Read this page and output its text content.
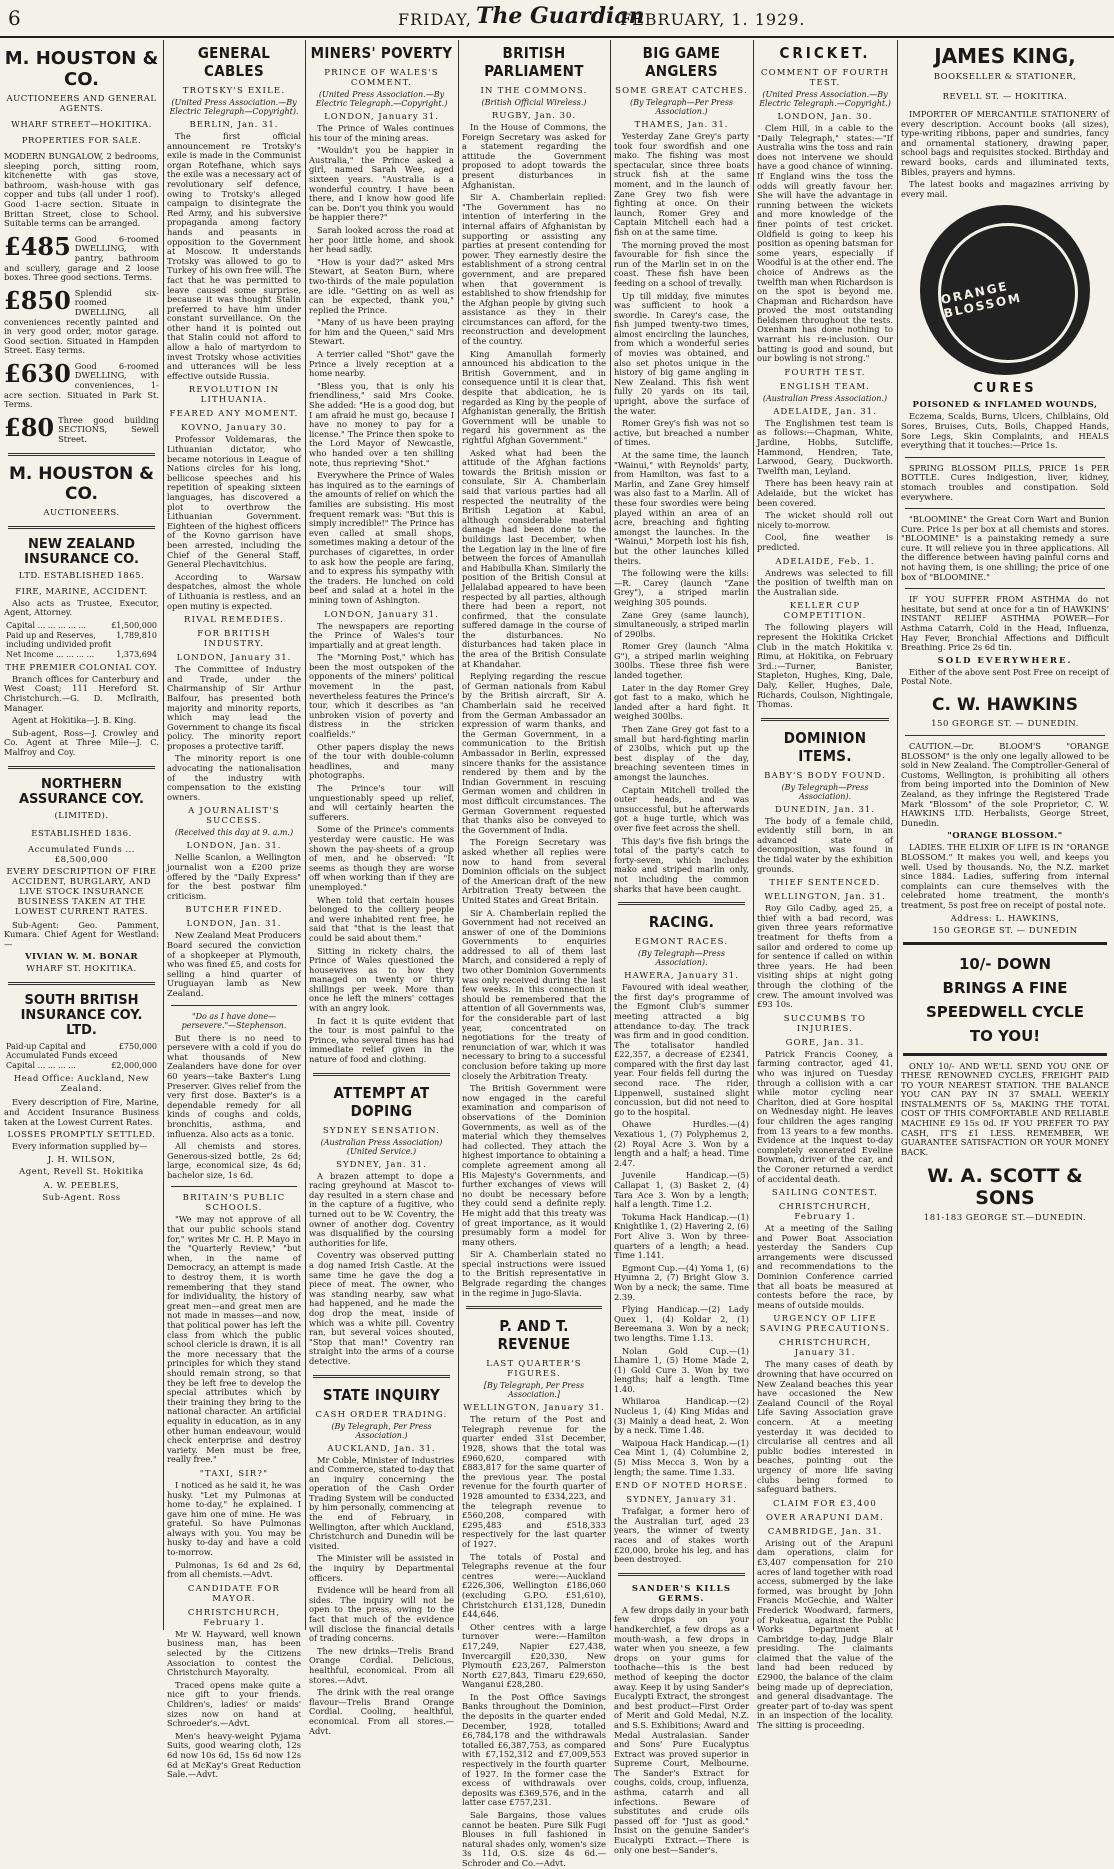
6	FRIDAY, The Guardian
FEBRUARY, 1. 1929.
M. HOUSTON & CO.
AUCTIONEERS AND GENERAL AGENTS.
WHARF STREET—HOKITIKA.
PROPERTIES FOR SALE.
MODERN BUNGALOW, 2 bedrooms, sleeping porch, sitting room, kitchenette with gas stove, bathroom, wash-house with gas copper and tubs (all under 1 roof). Good 1-acre section. Situate in Brittan Street, close to School. Suitable terms can be arranged.
£485 Good 6-roomed DWELLING, with pantry, bathroom and scullery, garage and 2 loose boxes. Three good sections. Terms.
£850 Splendid six-roomed DWELLING, all conveniences recently painted and in very good order, motor garage. Good section. Situated in Hampden Street. Easy terms.
£630 Good 6-roomed DWELLING, with conveniences, 1-acre section. Situated in Park St. Terms.
£80 Three good building SECTIONS, Sewell Street.
M. HOUSTON & CO.
AUCTIONEERS.
NEW ZEALAND INSURANCE CO.
LTD. ESTABLISHED 1865.
FIRE, MARINE, ACCIDENT.

Also acts as Trustee, Executor, Agent, Attorney.

Capital ... ... ... ... ...	£1,500,000
Paid up and Reserves, including undivided profit
1,789,810
Net Income ... ... ... ...	1,373,694
THE PREMIER COLONIAL COY.

Branch offices for Canterbury and West Coast; 111 Hereford St. Christchurch.—G. D. McIlraith, Manager.

Agent at Hokitika—J. B. King.

Sub-agent, Ross—J. Crowley and Co. Agent at Three Mile—J. C. Malfroy and Coy.

NORTHERN ASSURANCE COY.
(LIMITED).
ESTABLISHED 1836.
Accumulated Funds ... £8,500,000
EVERY DESCRIPTION OF FIRE ACCIDENT, BURGLARY, AND LIVE STOCK INSURANCE BUSINESS TAKEN AT THE LOWEST CURRENT RATES.

Sub-Agent: Geo. Pamment, Kumara. Chief Agent for Westland:—

VIVIAN W. M. BONAR
WHARF ST. HOKITIKA.
SOUTH BRITISH INSURANCE COY. LTD.
Paid-up Capital and Accumulated Funds exceed
£750,000
Capital ... ... ... ...	£2,000,000
Head Office: Auckland, New Zealand.

Every description of Fire, Marine, and Accident Insurance Business taken at the Lowest Current Rates.

LOSSES PROMPTLY SETTLED.

Every information supplied by—

J. H. WILSON,
Agent, Revell St. Hokitika
A. W. PEEBLES,
Sub-Agent. Ross
GENERAL CABLES
TROTSKY'S EXILE.
(United Press Association.—By Electric Telegraph—Copyright).
BERLIN, Jan. 31.

The first official announcement re Trotsky's exile is made in the Communist organ Rotefhane, which says the exile was a necessary act of revolutionary self defence, owing to Trotsky's alleged campaign to disintegrate the Red Army, and his subversive propaganda among factory hands and peasants in opposition to the Government at Moscow. It understands Trotsky was allowed to go to Turkey of his own free will. The fact that he was permitted to leave caused some surprise, because it was thought Stalin preferred to have him under constant surveillance. On the other hand it is pointed out that Stalin could not afford to allow a halo of martyrdom to invest Trotsky whose activities and utterances will be less effective outside Russia.

REVOLUTION IN LITHUANIA.
FEARED ANY MOMENT.
KOVNO, January 30.

Professor Voldemaras, the Lithuanian dictator, who became notorious in League of Nations circles for his long, bellicose speeches and his repetition of speaking sixteen languages, has discovered a plot to overthrow the Lithuanian Government. Eighteen of the highest officers of the Kovno garrison have been arrested, including the Chief of the General Staff, General Plechavitchius.

According to Warsaw despatches, almost the whole of Lithuania is restless, and an open mutiny is expected.

RIVAL REMEDIES.
FOR BRITISH INDUSTRY.
LONDON, January 31.

The Committee of Industry and Trade, under the Chairmanship of Sir Arthur Balfour, has presented both majority and minority reports, which may lead the Government to change its fiscal policy. The minority report proposes a protective tariff.

The minority report is one advocating the nationalisation of the industry with compensation to the existing owners.

A JOURNALIST'S SUCCESS.
(Received this day at 9. a.m.)
LONDON, Jan. 31.

Nellie Scanlon, a Wellington journalist won a £200 prize offered by the "Daily Express" for the best postwar film criticism.

BUTCHER FINED.
LONDON, Jan. 31.

New Zealand Meat Producers Board secured the conviction of a shopkeeper at Plymouth, who was fined £5, and costs for selling a hind quarter of Uruguayan lamb as New Zealand.

"Do as I have done—persevere."—Stephenson.

But there is no need to persevere with a cold if you do what thousands of New Zealanders have done for over 60 years—take Baxter's Lung Preserver. Gives relief from the very first dose. Baxter's is a dependable remedy for all kinds of coughs and colds, bronchitis, asthma, and influenza. Also acts as a tonic.

All chemists and stores. Generous-sized bottle, 2s 6d; large, economical size, 4s 6d; bachelor size, 1s 6d.

BRITAIN'S PUBLIC SCHOOLS.

"We may not approve of all that our public schools stand for," writes Mr C. H. P. Mayo in the "Quarterly Review," "but when, in the name of Democracy, an attempt is made to destroy them, it is worth remembering that they stand for individuality, the history of great men—and great men are not made in masses—and now, that political power has left the class from which the public school clericle is drawn, it is all the more necessary that the principles for which they stand should remain strong, so that they be left free to develop the special attributes which by their training they bring to the national character. An artificial equality in education, as in any other human endeavour, would check enterprise and destroy variety. Men must be free, really free."

"TAXI, SIR?"

I noticed as he said it, he was husky. "Let my Pulmonas at home to-day," he explained. I gave him one of mine. He was grateful. So have Pulmonas always with you. You may be husky to-day and have a cold to-morrow.

Pulmonas, 1s 6d and 2s 6d, from all chemists.—Advt.

CANDIDATE FOR MAYOR.
CHRISTCHURCH, February 1.

Mr W. Hayward, well known business man, has been selected by the Citizens Association to contest the Christchurch Mayoralty.

Traced opens make quite a nice gift to your friends. Children's, ladies' or maids' sizes now on hand at Schroeder's.—Advt.

Men's heavy-weight Pyjama Suits, good wearing cloth, 12s 6d now 10s 6d, 15s 6d now 12s 6d at McKay's Great Reduction Sale.—Advt.

MINERS' POVERTY
PRINCE OF WALES'S COMMENT.
(United Press Association.—By Electric Telegraph.—Copyright.)
LONDON, January 31.

The Prince of Wales continues his tour of the mining areas.

"Wouldn't you be happier in Australia," the Prince asked a girl, named Sarah Wee, aged sixteen years. "Australia is a wonderful country. I have been there, and I know how good life can be. Don't you think you would be happier there?"

Sarah looked across the road at her poor little home, and shook her head sadly.

"How is your dad?" asked Mrs Stewart, at Seaton Burn, where two-thirds of the male population are idle. "Getting on as well as can be expected, thank you," replied the Prince.

"Many of us have been praying for him and the Queen," said Mrs Stewart.

A terrier called "Shot" gave the Prince a lively reception at a home nearby.

"Bless you, that is only his friendliness," said Mrs Cooke. She added: "He is a good dog, but I am afraid he must go, because I have no money to pay for a license." The Prince then spoke to the Lord Mayor of Newcastle, who handed over a ten shilling note, thus reprieving "Shot."

Everywhere the Prince of Wales has inquired as to the earnings of the amounts of relief on which the families are subsisting. His most frequent remark was: "But this is simply incredible!" The Prince has even called at small shops, sometimes making a detour of the purchases of cigarettes, in order to ask how the people are faring, and to express his sympathy with the traders. He lunched on cold beef and salad at a hotel in the mining town of Ashington.

LONDON, January 31.

The newspapers are reporting the Prince of Wales's tour impartially and at great length.

The "Morning Post," which has been the most outspoken of the opponents of the miners' political movement in the past, nevertheless features the Prince's tour, which it describes as "an unbroken vision of poverty and distress in the stricken coalfields."

Other papers display the news of the tour with double-column headlines, and many photographs.

The Prince's tour will unquestionably speed up relief, and will certainly hearten the sufferers.

Some of the Prince's comments yesterday were caustic. He was shown the pay-sheets of a group of men, and he observed: "It seems as though they are worse off when working than if they are unemployed."

When told that certain houses belonged to the colliery people and were inhabited rent free, he said that "that is the least that could be said about them."

Sitting in rickety chairs, the Prince of Wales questioned the housewives as to how they managed on twenty or thirty shillings per week. More than once he left the miners' cottages with an angry look.

In fact it is quite evident that the tour is most painful to the Prince, who several times has had immediate relief given in the nature of food and clothing.

ATTEMPT AT DOPING
SYDNEY SENSATION.
(Australian Press Association) (United Service.)
SYDNEY, Jan. 31.

A brazen attempt to dope a racing greyhound at Mascot to-day resulted in a stern chase and in the capture of a fugitive, who turned out to be W. Coventry, the owner of another dog. Coventry was disqualified by the coursing authorities for life.

Coventry was observed putting a dog named Irish Castle. At the same time he gave the dog a piece of meat. The owner, who was standing nearby, saw what had happened, and he made the dog drop the meat, inside of which was a white pill. Coventry ran, but several voices shouted, "Stop that man!" Coventry ran straight into the arms of a course detective.

STATE INQUIRY
CASH ORDER TRADING.
(By Telegraph, Per Press Association.)
AUCKLAND, Jan. 31.

Mr Coble, Minister of Industries and Commerce, stated to-day that an inquiry concerning the operation of the Cash Order Trading System will be conducted by him personally, commencing at the end of February, in Wellington, after which Auckland, Christchurch and Dunedin will be visited.

The Minister will be assisted in the inquiry by Departmental officers.

Evidence will be heard from all sides. The inquiry will not be open to the press, owing to the fact that much of the evidence will disclose the financial details of trading concerns.

The new drinks—Trelis Brand Orange Cordial. Delicious, healthful, economical. From all stores.—Advt.

The drink with the real orange flavour—Trelis Brand Orange Cordial. Cooling, healthful, economical. From all stores.—Advt.

BRITISH PARLIAMENT
IN THE COMMONS.
(British Official Wireless.)
RUGBY, Jan. 30.

In the House of Commons, the Foreign Secretary was asked for a statement regarding the attitude the Government proposed to adopt towards the present disturbances in Afghanistan.

Sir A. Chamberlain replied: "The Government has no intention of interfering in the internal affairs of Afghanistan by supporting or assisting any parties at present contending for power. They earnestly desire the establishment of a strong central government, and are prepared when that government is established to show friendship for the Afghan people by giving such assistance as they in their circumstances can afford, for the reconstruction and development of the country.

King Amanullah formerly announced his abdication to the British Government, and in consequence until it is clear that, despite that abdication, he is regarded as King by the people of Afghanistan generally, the British Government will be unable to regard his government as the rightful Afghan Government."

Asked what had been the attitude of the Afghan factions towards the British mission or consulate, Sir A. Chamberlain said that various parties had all respected the neutrality of the British Legation at Kabul, although considerable material damage had been done to the buildings last December, when the Legation lay in the line of fire between the forces of Amanullah and Habibulla Khan. Similarly the position of the British Consul at Jellalabad appeared to have been respected by all parties, although there had been a report, not confirmed, that the consulate suffered damage in the course of the disturbances. No disturbances had taken place in the area of the British Consulate at Khandahar.

Replying regarding the rescue of German nationals from Kabul by the British aircraft, Sir A. Chamberlain said he received from the German Ambassador an expression of warm thanks, and the German Government, in a communication to the British Ambassador in Berlin, expressed sincere thanks for the assistance rendered by them and by the Indian Government in rescuing German women and children in most difficult circumstances. The German Government requested that thanks also be conveyed to the Government of India.

The Foreign Secretary was asked whether all replies were now to hand from several Dominion officials on the subject of the American draft of the new Arbitration Treaty between the United States and Great Britain.

Sir A. Chamberlain replied the Government had not received an answer of one of the Dominions Governments to enquiries addressed to all of them last March, and considered a reply of two other Dominion Governments was only received during the last few weeks. In this connection it should be remembered that the attention of all Governments was, for the considerable part of last year, concentrated on negotiations for the treaty of renunciation of war, which it was necessary to bring to a successful conclusion before taking up more closely the Arbitration Treaty.

The British Government were now engaged in the careful examination and comparison of observations of the Dominion Governments, as well as of the material which they themselves had collected. They attach the highest importance to obtaining a complete agreement among all His Majesty's Governments, and further exchanges of views will no doubt be necessary before they could send a definite reply. He might add that this treaty was of great importance, as it would presumably form a model for many others.

Sir A. Chamberlain stated no special instructions were issued to the British representative in Belgrade regarding the changes in the regime in Jugo-Slavia.

P. AND T. REVENUE
LAST QUARTER'S FIGURES.
[By Telegraph, Per Press Association.]
WELLINGTON, January 31.

The return of the Post and Telegraph revenue for the quarter ended 31st December, 1928, shows that the total was £960,620, compared with £883,817 for the same quarter of the previous year. The postal revenue for the fourth quarter of 1928 amounted to £334,223, and the telegraph revenue to £560,208, compared with £295,483 and £518,333 respectively for the last quarter of 1927.

The totals of Postal and Telegraphs revenue at the four centres were:—Auckland £226,306, Wellington £186,060 (excluding G.P.O. £51,610), Christchurch £131,128, Dunedin £44,646.

Other centres with a large turnover were:—Hamilton £17,249, Napier £27,438, Invercargill £20,330, New Plymouth £23,267, Palmerston North £27,843, Timaru £29,650, Wanganui £28,280.

In the Post Office Savings Banks throughout the Dominion, the deposits in the quarter ended December, 1928, totalled £6,784,178 and the withdrawals totalled £6,387,753, as compared with £7,152,312 and £7,009,553 respectively in the fourth quarter of 1927. In the former case the excess of withdrawals over deposits was £369,576, and in the latter case £757,231.

Sale Bargains, those values cannot be beaten. Pure Silk Fugi Blouses in full fashioned in natural shades only, women's size 3s 11d, O.S. size 4s 6d.—Schroder and Co.—Advt.

BIG GAME ANGLERS
SOME GREAT CATCHES.
(By Telegraph—Per Press Association.)
THAMES, Jan. 31.

Yesterday Zane Grey's party took four swordfish and one mako. The fishing was most spectacular, since three boats struck fish at the same moment, and in the launch of Zane Grey two fish were fighting at once. On their launch, Romer Grey and Captain Mitchell each had a fish on at the same time.

The morning proved the most favourable for fish since the run of the Marlin set in on the coast. These fish have been feeding on a school of trevally.

Up till midday, five minutes was sufficient to hook a swordie. In Carey's case, the fish jumped twenty-two times, almost encircling the launches, from which a wonderful series of movies was obtained, and also set photos unique in the history of big game angling in New Zealand. This fish went fully 20 yards on its tail, upright, above the surface of the water.

Romer Grey's fish was not so active, but breached a number of times.

At the same time, the launch "Wainui," with Reynolds' party, from Hamilton, was fast to a Marlin, and Zane Grey himself was also fast to a Marlin. All of these four swordies were being played within an area of an acre, breaching and fighting amongst the launches. In the "Wainui," Morpeth lost his fish, but the other launches killed theirs.

The following were the kills:—R. Carey (launch "Zane Grey"), a striped marlin weighing 305 pounds.

Zane Grey (same launch), simultaneously, a striped marlin of 290lbs.

Romer Grey (launch "Alma G"), a striped marlin weighing 300lbs. These three fish were landed together.

Later in the day Romer Grey got fast to a mako, which he landed after a hard fight. It weighed 300lbs.

Then Zane Grey got fast to a small but hard-fighting marlin of 230lbs, which put up the best display of the day, breaching seventeen times in amongst the launches.

Captain Mitchell trolled the outer heads, and was unsuccessful, but he afterwards got a huge turtle, which was over five feet across the shell.

This day's five fish brings the total of the party's catch to forty-seven, which includes mako and striped marlin only, not including the common sharks that have been caught.

RACING.
EGMONT RACES.
(By Telegraph—Press Association).
HAWERA, January 31.

Favoured with ideal weather, the first day's programme of the Egmont Club's summer meeting attracted a big attendance to-day. The track was firm and in good condition. The totalisator handled £22,357, a decrease of £2341, compared with the first day last year. Four fields fell during the second race. The rider, Lippenwell, sustained slight concussion, but did not need to go to the hospital.

Ohawe Hurdles.—(4) Vexatious 1, (7) Polyphemus 2, (2) Royal Acre 3. Won by a length and a half; a head. Time 2.47.

Juvenile Handicap.—(5) Callapat 1, (3) Basket 2, (4) Tara Ace 3. Won by a length; half a length. Time 1.2.

Tokuma Hack Handicap.—(1) Knightlike 1, (2) Havering 2, (6) Fort Alive 3. Won by three-quarters of a length; a head. Time 1.141.

Egmont Cup.—(4) Yoma 1, (6) Hyumna 2, (7) Bright Glow 3. Won by a neck; the same. Time 2.39.

Flying Handicap.—(2) Lady Quex 1, (4) Koldar 2, (1) Bereemana 3. Won by a neck; two lengths. Time 1.13.

Nolan Gold Cup.—(1) Lhamire 1, (5) Home Made 2, (1) Gold Cure 3. Won by two lengths; half a length. Time 1.40.

Whiiaroa Handicap.—(2) Nucleus 1, (4) King Midas and (3) Mainly a dead heat, 2. Won by a neck. Time 1.48.

Waipoua Hack Handicap.—(1) Cea Mint 1, (4) Columbine 2, (5) Miss Mecca 3. Won by a length; the same. Time 1.33.

END OF NOTED HORSE.
SYDNEY, January 31.

Trafalgar, a former hero of the Australian turf, aged 23 years, the winner of twenty races and of stakes worth £20,000, broke his leg, and has been destroyed.

SANDER'S KILLS GERMS.

A few drops daily in your bath few drops on your handkerchief, a few drops as a mouth-wash, a few drops in water when you sneeze, a few drops on your gums for toothache—this is the best method of keeping the doctor away. Keep it by using Sander's Eucalypti Extract, the strongest and best product—First Order of Merit and Gold Medal, N.Z. and S.S. Exhibitions; Award and Medal Australasian. Sander and Sons' Pure Eucalyptus Extract was proved superior in Supreme Court, Melbourne. The Sander's Extract for coughs, colds, croup, influenza, asthma, catarrh and all infections. Beware of substitutes and crude oils passed off for "Just as good." Insist on the genuine Sander's Eucalypti Extract.—There is only one best—Sander's.

CRICKET.
COMMENT OF FOURTH TEST.
(United Press Association.—By Electric Telegraph.—Copyright.)
LONDON, Jan. 30.

Clem Hill, in a cable to the "Daily Telegraph," states:—"If Australia wins the toss and rain does not intervene we should have a good chance of winning. If England wins the toss the odds will greatly favour her. She will have the advantage in running between the wickets and more knowledge of the finer points of test cricket. Oldfield is going to keep his position as opening batsman for some years, especially if Woodful is at the other end. The choice of Andrews as the twelfth man when Richardson is on the spot is beyond me. Chapman and Richardson have proved the most outstanding fieldsmen throughout the tests. Oxenham has done nothing to warrant his re-inclusion. Our batting is good and sound, but our bowling is not strong."

FOURTH TEST.
ENGLISH TEAM.
(Australian Press Association.)
ADELAIDE, Jan. 31.

The Englishmen test team is as follows:—Chapman, White, Jardine, Hobbs, Sutcliffe, Hammond, Hendren, Tate, Larwood, Geary, Duckworth. Twelfth man, Leyland.

There has been heavy rain at Adelaide, but the wicket has been covered.

The wicket should roll out nicely to-morrow.

Cool, fine weather is predicted.

ADELAIDE, Feb. 1.

Andrews was selected to fill the position of twelfth man on the Australian side.

KELLER CUP COMPETITION.

The following players will represent the Hokitika Cricket Club in the match Hokitika v. Rimu, at Hokitika, on February 3rd.:—Turner, Banister, Stapleton, Hughes, King, Dale, Daly, Keller, Hughes, Dale, Richards, Coulson, Nightingale, Thomas.

DOMINION ITEMS.
BABY'S BODY FOUND.
(By Telegraph—Press Association).
DUNEDIN, Jan. 31.

The body of a female child, evidently still born, in an advanced state of decomposition, was found in the tidal water by the exhibition grounds.

THIEF SENTENCED.
WELLINGTON, Jan. 31.

Roy Gilo Cadby, aged 25, a thief with a bad record, was given three years reformative treatment for thefts from a sailor and ordered to come up for sentence if called on within three years. He had been visiting ships at night going through the clothing of the crew. The amount involved was £93 10s.

SUCCUMBS TO INJURIES.
GORE, Jan. 31.

Patrick Francis Cooney, a farming contractor, aged 41, who was injured on Tuesday through a collision with a car while motor cycling near Charlton, died at Gore hospital on Wednesday night. He leaves four children the ages ranging from 13 years to a few months. Evidence at the inquest to-day completely exonerated Eveline Bowman, driver of the car, and the Coroner returned a verdict of accidental death.

SAILING CONTEST.
CHRISTCHURCH, February 1.

At a meeting of the Sailing and Power Boat Association yesterday the Sanders Cup arrangements were discussed and recommendations to the Dominion Conference carried that all boats be measured at contests before the race, by means of outside moulds.

URGENCY OF LIFE SAVING PRECAUTIONS.
CHRISTCHURCH, January 31.

The many cases of death by drowning that have occurred on New Zealand beaches this year have occasioned the New Zealand Council of the Royal Life Saving Association grave concern. At a meeting yesterday it was decided to circularise all centres and all public bodies interested in beaches, pointing out the urgency of more life saving clubs being formed to safeguard bathers.

CLAIM FOR £3,400
OVER ARAPUNI DAM.
CAMBRIDGE, Jan. 31.

Arising out of the Arapuni dam operations, claim for £3,407 compensation for 210 acres of land together with road access, submerged by the lake formed, was brought by John Francis McGechie, and Walter Frederick Woodward, farmers, of Pukeatua, against the Public Works Department at Cambridge to-day, Judge Blair presiding. The claimants claimed that the value of the land had been reduced by £2900, the balance of the claim being made up of depreciation, and general disadvantage. The greater part of to-day was spent in an inspection of the locality. The sitting is proceeding.

JAMES KING,
BOOKSELLER & STATIONER,
REVELL ST. — HOKITIKA.

IMPORTER OF MERCANTILE STATIONERY of every description. Account books (all sizes), type-writing ribbons, paper and sundries, fancy and ornamental stationery, drawing paper, school bags and requisites stocked. Birthday and reward books, cards and illuminated texts, Bibles, prayers and hymns.

The latest books and magazines arriving by every mail.

ORANGE BLOSSOM
CURES
POISONED & INFLAMED WOUNDS,

Eczema, Scalds, Burns, Ulcers, Chilblains, Old Sores, Bruises, Cuts, Boils, Chapped Hands, Sore Legs, Skin Complaints, and HEALS everything that it touches:—Price 1s.

SPRING BLOSSOM PILLS, PRICE 1s PER BOTTLE. Cures Indigestion, liver, kidney, stomach troubles and constipation. Sold everywhere.

"BLOOMINE" the Great Corn Wart and Bunion Cure. Price 1s per box at all chemists and stores. "BLOOMINE" is a painstaking remedy a sure cure. It will relieve you in three applications. All the difference between having painful corns and not having them, is one shilling; the price of one box of "BLOOMINE."

IF YOU SUFFER FROM ASTHMA do not hesitate, but send at once for a tin of HAWKINS' INSTANT RELIEF ASTHMA POWER—For Asthma Catarrh, Cold in the Head, Influenza, Hay Fever, Bronchial Affections and Difficult Breathing. Price 2s 6d tin.

SOLD EVERYWHERE.

Either of the above sent Post Free on receipt of Postal Note.

C. W. HAWKINS
150 GEORGE ST. — DUNEDIN.

CAUTION.—Dr. BLOOM'S "ORANGE BLOSSOM" is the only one legally allowed to be sold in New Zealand. The Comptroller-General of Customs, Wellington, is prohibiting all others from being imported into the Dominion of New Zealand, as they infringe the Registered Trade Mark "Blossom" of the sole Proprietor, C. W. HAWKINS LTD. Herbalists, George Street, Dunedin.

"ORANGE BLOSSOM."

LADIES. THE ELIXIR OF LIFE IS IN "ORANGE BLOSSOM." It makes you well, and keeps you well. Used by thousands. No, the N.Z. market since 1884. Ladies, suffering from internal complaints can cure themselves with the celebrated home treatment, the month's treatment, 5s post free on receipt of postal note.

Address: L. HAWKINS,
150 GEORGE ST. — DUNEDIN
10/- DOWN
BRINGS A FINE
SPEEDWELL CYCLE
TO YOU!

ONLY 10/- AND WE'LL SEND YOU ONE OF THESE RENOWNED CYCLES, FREIGHT PAID TO YOUR NEAREST STATION. THE BALANCE YOU CAN PAY IN 37 SMALL WEEKLY INSTALMENTS OF 5s, MAKING THE TOTAL COST OF THIS COMFORTABLE AND RELIABLE MACHINE £9 15s 0d. IF YOU PREFER TO PAY CASH, IT'S £1 LESS. REMEMBER, WE GUARANTEE SATISFACTION OR YOUR MONEY BACK.

W. A. SCOTT & SONS
181-183 GEORGE ST.—DUNEDIN.
